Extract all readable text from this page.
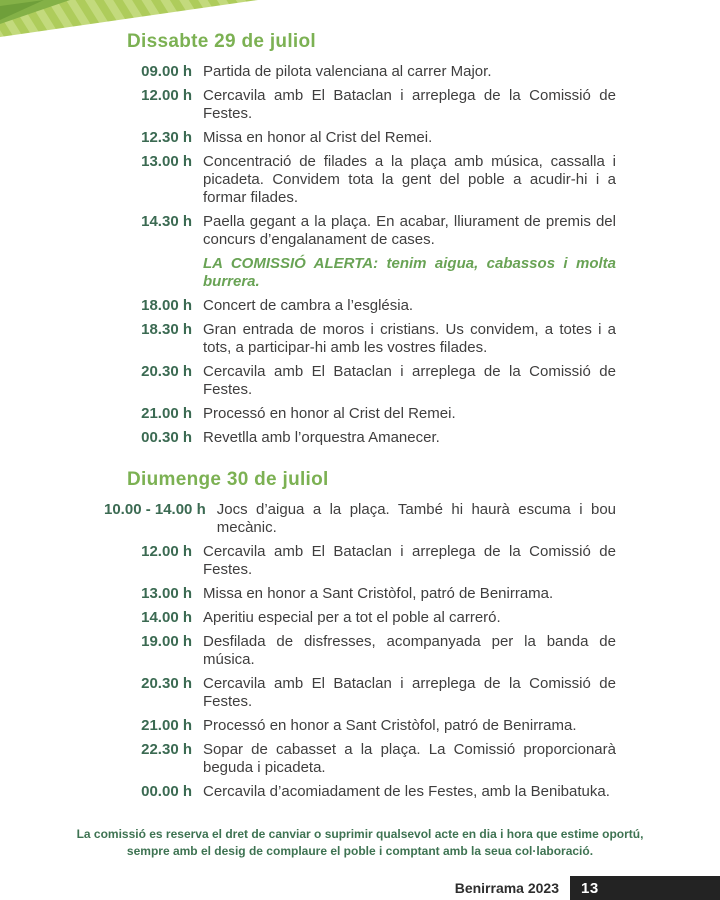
Dissabte 29 de juliol
09.00 h Partida de pilota valenciana al carrer Major.

12.00 h Cercavila amb El Bataclan i arreplega de la Comissió de Festes.

12.30 h Missa en honor al Crist del Remei.

13.00 h Concentració de filades a la plaça amb música, cassalla i picadeta. Convidem tota la gent del poble a acudir-hi i a formar filades.

14.30 h Paella gegant a la plaça. En acabar, lliurament de premis del concurs d’engalanament de cases.

LA COMISSIÓ ALERTA: tenim aigua, cabassos i molta burrera.

18.00 h Concert de cambra a l’església.

18.30 h Gran entrada de moros i cristians. Us convidem, a totes i a tots, a participar-hi amb les vostres filades.

20.30 h Cercavila amb El Bataclan i arreplega de la Comissió de Festes.

21.00 h Processó en honor al Crist del Remei.

00.30 h Revetlla amb l’orquestra Amanecer.

Diumenge 30 de juliol
10.00 - 14.00 h Jocs d’aigua a la plaça. També hi haurà escuma i bou mecànic.

12.00 h Cercavila amb El Bataclan i arreplega de la Comissió de Festes.

13.00 h Missa en honor a Sant Cristòfol, patró de Benirrama.

14.00 h Aperitiu especial per a tot el poble al carreró.

19.00 h Desfilada de disfresses, acompanyada per la banda de música.

20.30 h Cercavila amb El Bataclan i arreplega de la Comissió de Festes.

21.00 h Processó en honor a Sant Cristòfol, patró de Benirrama.

22.30 h Sopar de cabasset a la plaça. La Comissió proporcionarà beguda i picadeta.

00.00 h Cercavila d’acomiadament de les Festes, amb la Benibatuka.

La comissió es reserva el dret de canviar o suprimir qualsevol acte en dia i hora que estime oportú, sempre amb el desig de complaure el poble i comptant amb la seua col·laboració.

Benirrama 2023 13
